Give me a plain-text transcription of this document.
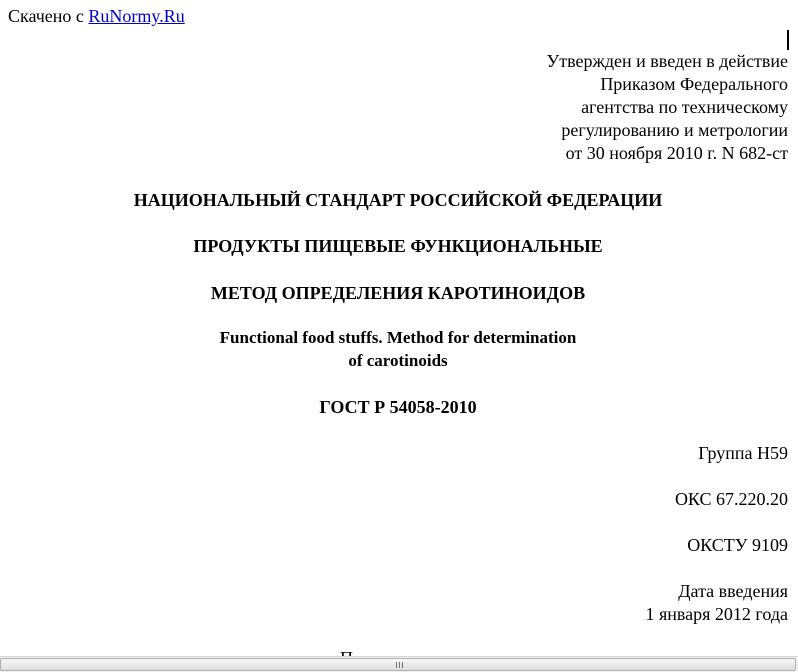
Скачено с RuNormy.Ru
Утвержден и введен в действие
Приказом Федерального
агентства по техническому
регулированию и метрологии
от 30 ноября 2010 г. N 682-ст
НАЦИОНАЛЬНЫЙ СТАНДАРТ РОССИЙСКОЙ ФЕДЕРАЦИИ
ПРОДУКТЫ ПИЩЕВЫЕ ФУНКЦИОНАЛЬНЫЕ
МЕТОД ОПРЕДЕЛЕНИЯ КАРОТИНОИДОВ
Functional food stuffs. Method for determination
of carotinoids
ГОСТ Р 54058-2010
Группа Н59
ОКС 67.220.20
ОКСТУ 9109
Дата введения
1 января 2012 года
